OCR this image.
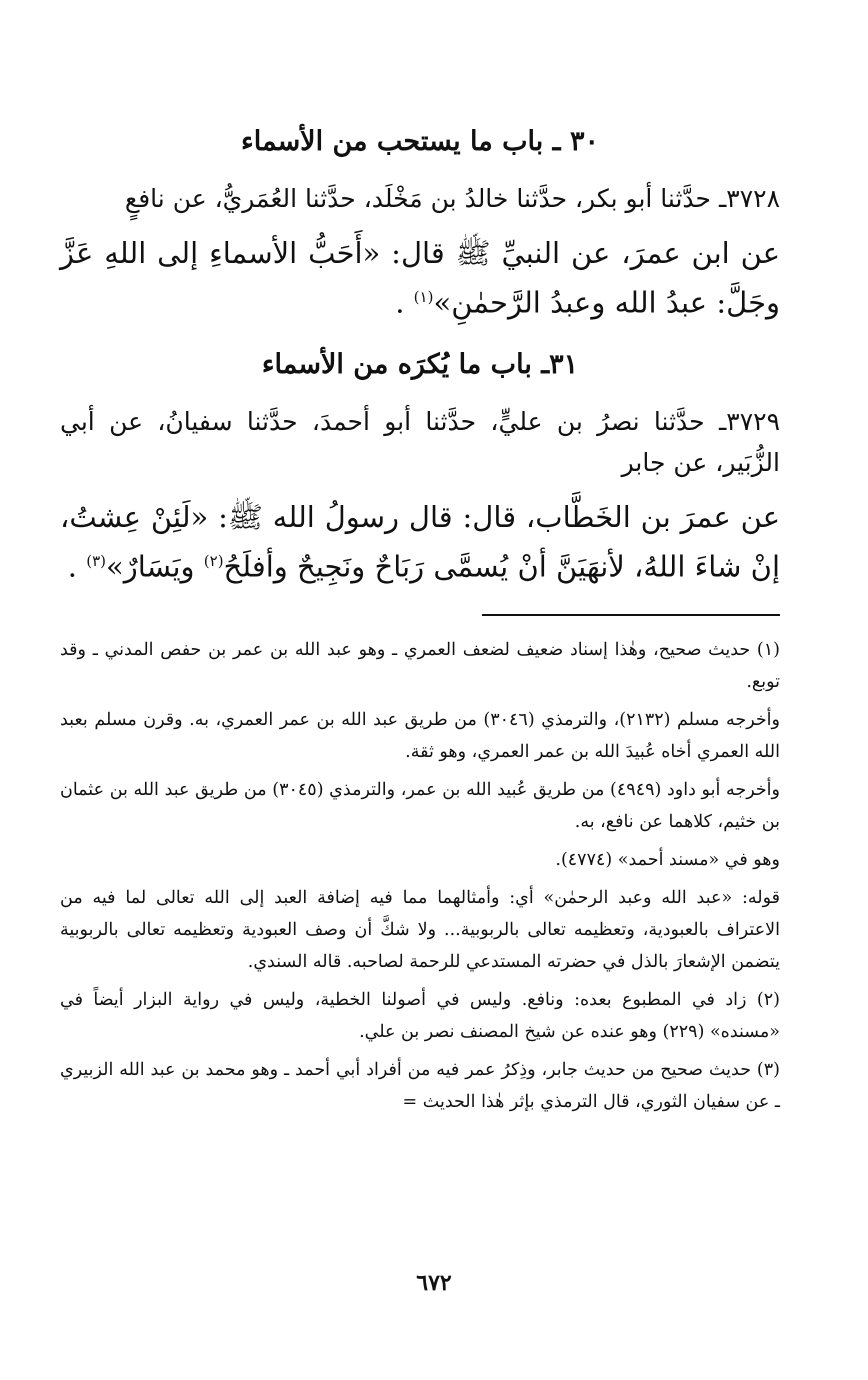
٣٠ ـ باب ما يستحب من الأسماء

٣٧٢٨ـ حدَّثنا أبو بكر، حدَّثنا خالدُ بن مَخْلَد، حدَّثنا العُمَريُّ، عن نافعٍ

عن ابن عمرَ، عن النبيِّ ﷺ قال: «أَحَبُّ الأسماءِ إلى اللهِ عَزَّ وجَلَّ: عبدُ الله وعبدُ الرَّحمٰنِ»$^{(١)}$ .

٣١ـ باب ما يُكرَه من الأسماء

٣٧٢٩ـ حدَّثنا نصرُ بن عليٍّ، حدَّثنا أبو أحمدَ، حدَّثنا سفيانُ، عن أبي الزُّبَير، عن جابر

عن عمرَ بن الخَطَّاب، قال: قال رسولُ الله ﷺ: «لَئِنْ عِشتُ، إنْ شاءَ اللهُ، لأنهَيَنَّ أنْ يُسمَّى رَبَاحٌ ونَجِيحٌ وأفلَحُ$^{(٢)}$ ويَسَارٌ»$^{(٣)}$ .

(١) حديث صحيح، وهٰذا إسناد ضعيف لضعف العمري ـ وهو عبد الله بن عمر بن حفص المدني ـ وقد توبع.

وأخرجه مسلم (٢١٣٢)، والترمذي (٣٠٤٦) من طريق عبد الله بن عمر العمري، به. وقرن مسلم بعبد الله العمري أخاه عُبيدَ الله بن عمر العمري، وهو ثقة.

وأخرجه أبو داود (٤٩٤٩) من طريق عُبيد الله بن عمر، والترمذي (٣٠٤٥) من طريق عبد الله بن عثمان بن خثيم، كلاهما عن نافع، به.

وهو في «مسند أحمد» (٤٧٧٤).

قوله: «عبد الله وعبد الرحمٰن» أي: وأمثالهما مما فيه إضافة العبد إلى الله تعالى لما فيه من الاعتراف بالعبودية، وتعظيمه تعالى بالربوبية... ولا شكَّ أن وصف العبودية وتعظيمه تعالى بالربوبية يتضمن الإشعارَ بالذل في حضرته المستدعي للرحمة لصاحبه. قاله السندي.

(٢) زاد في المطبوع بعده: ونافع. وليس في أصولنا الخطية، وليس في رواية البزار أيضاً في «مسنده» (٢٢٩) وهو عنده عن شيخ المصنف نصر بن علي.

(٣) حديث صحيح من حديث جابر، وذِكرُ عمر فيه من أفراد أبي أحمد ـ وهو محمد بن عبد الله الزبيري ـ عن سفيان الثوري، قال الترمذي بإثر هٰذا الحديث =

٦٧٢
